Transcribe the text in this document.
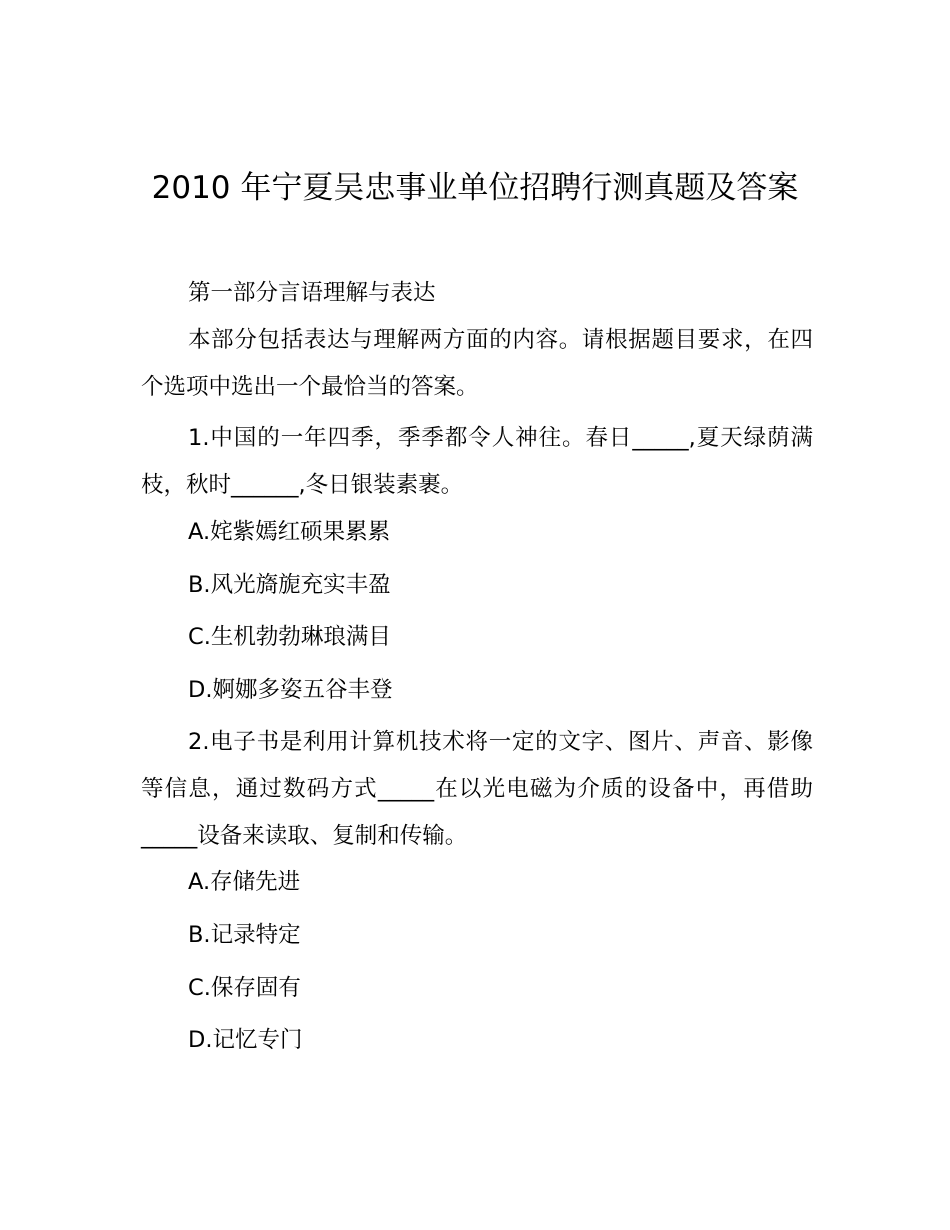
2010 年宁夏吴忠事业单位招聘行测真题及答案

第一部分言语理解与表达

本部分包括表达与理解两方面的内容。请根据题目要求，在四个选项中选出一个最恰当的答案。

1.中国的一年四季，季季都令人神往。春日_____,夏天绿荫满枝，秋时______,冬日银装素裹。

A.姹紫嫣红硕果累累

B.风光旖旎充实丰盈

C.生机勃勃琳琅满目

D.婀娜多姿五谷丰登

2.电子书是利用计算机技术将一定的文字、图片、声音、影像等信息，通过数码方式_____在以光电磁为介质的设备中，再借助_____设备来读取、复制和传输。

A.存储先进

B.记录特定

C.保存固有

D.记忆专门
